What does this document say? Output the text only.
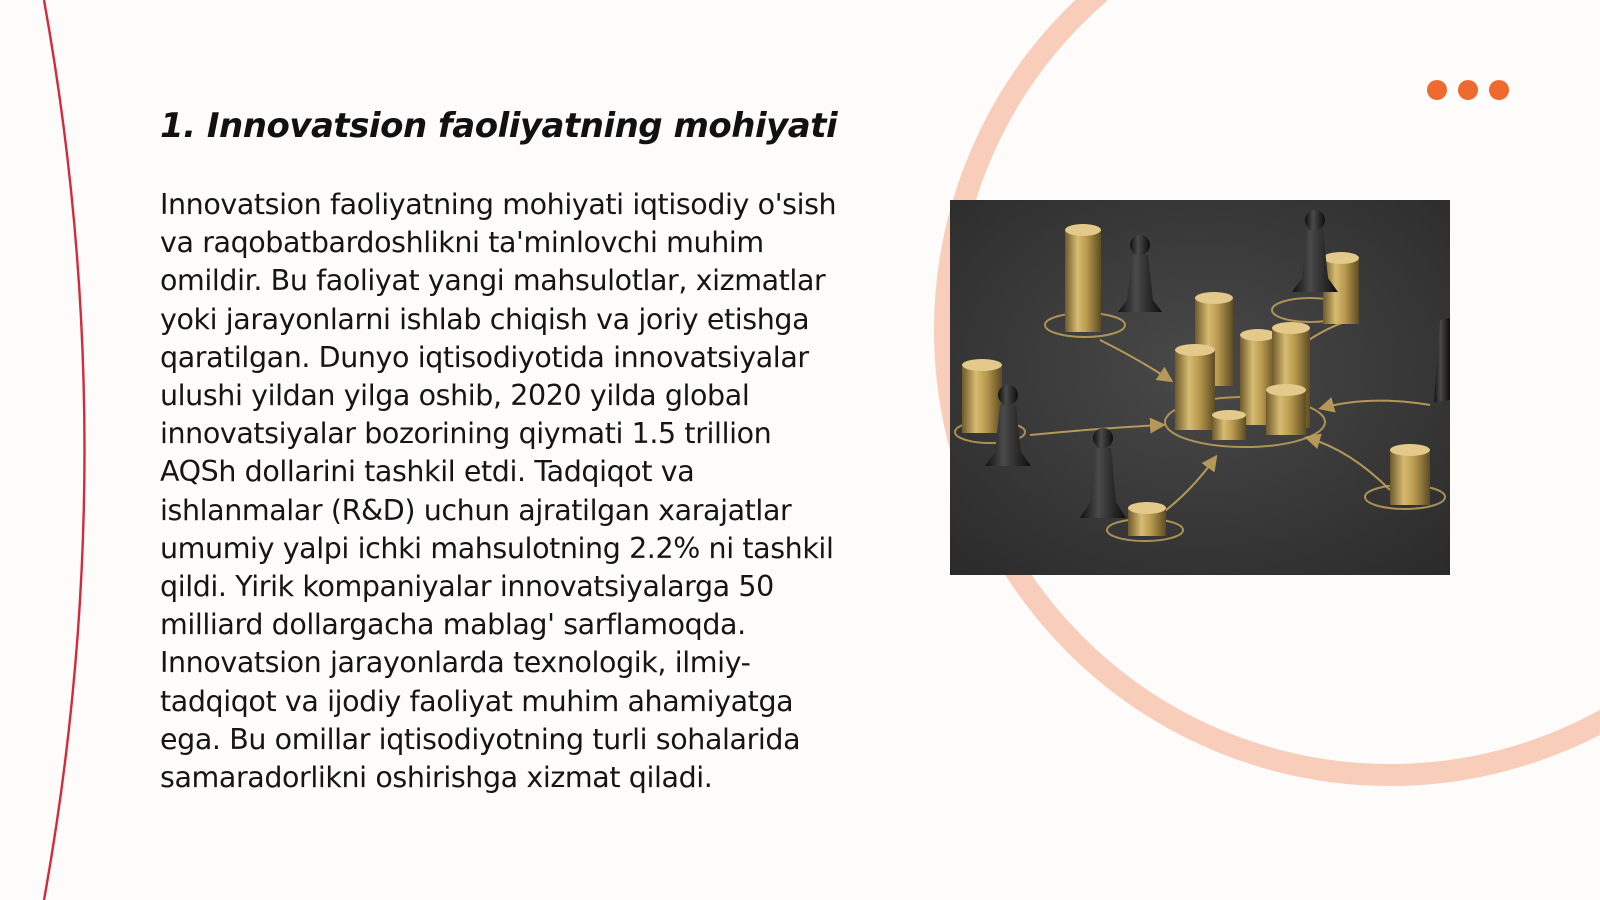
1. Innovatsion faoliyatning mohiyati

Innovatsion faoliyatning mohiyati iqtisodiy o'sish va raqobatbardoshlikni ta'minlovchi muhim omildir. Bu faoliyat yangi mahsulotlar, xizmatlar yoki jarayonlarni ishlab chiqish va joriy etishga qaratilgan. Dunyo iqtisodiyotida innovatsiyalar ulushi yildan yilga oshib, 2020 yilda global innovatsiyalar bozorining qiymati 1.5 trillion AQSh dollarini tashkil etdi. Tadqiqot va ishlanmalar (R&D) uchun ajratilgan xarajatlar umumiy yalpi ichki mahsulotning 2.2% ni tashkil qildi. Yirik kompaniyalar innovatsiyalarga 50 milliard dollargacha mablag' sarflamoqda. Innovatsion jarayonlarda texnologik, ilmiy-tadqiqot va ijodiy faoliyat muhim ahamiyatga ega. Bu omillar iqtisodiyotning turli sohalarida samaradorlikni oshirishga xizmat qiladi.
